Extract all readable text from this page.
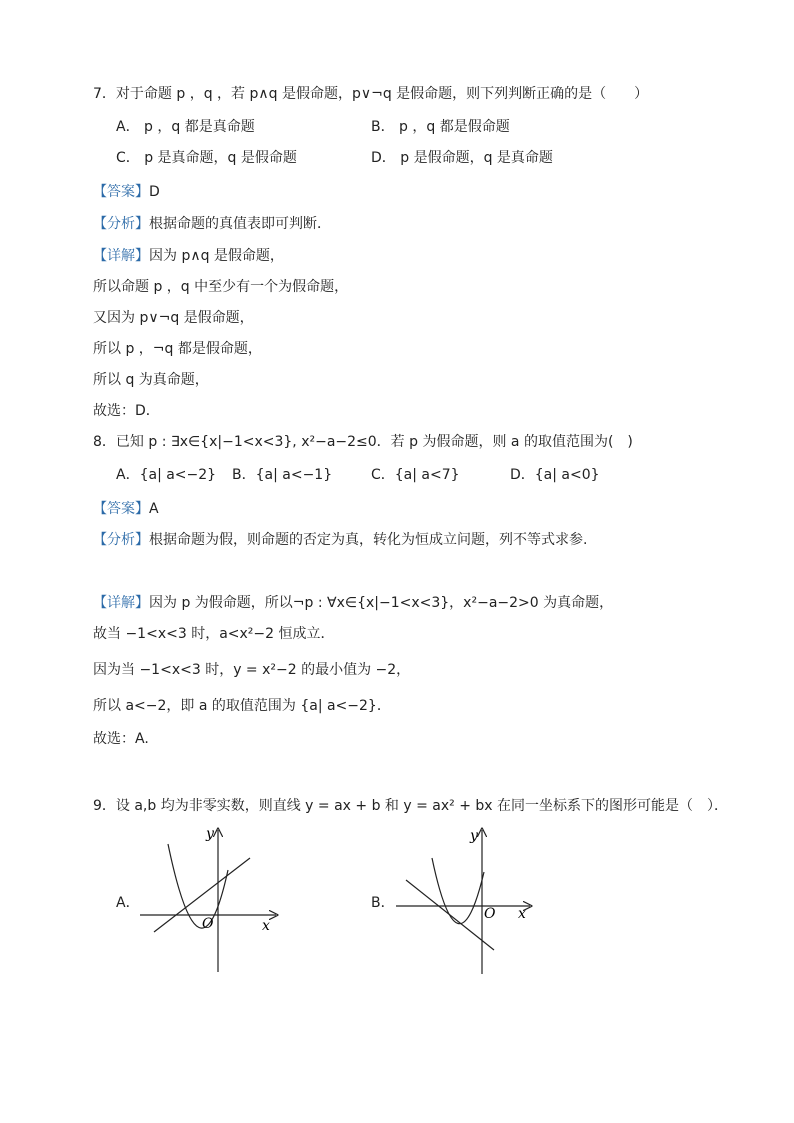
7．对于命题 p ，q ，若 p∧q 是假命题，p∨¬q 是假命题，则下列判断正确的是（　　）
A． p ，q 都是真命题	B． p ，q 都是假命题
C． p 是真命题，q 是假命题	D． p 是假命题，q 是真命题
【答案】D
【分析】根据命题的真值表即可判断．
【详解】因为 p∧q 是假命题，
所以命题 p ，q 中至少有一个为假命题，
又因为 p∨¬q 是假命题，
所以 p ，¬q 都是假命题，
所以 q 为真命题，
故选：D．
8．已知 p : ∃x∈{x|−1<x<3}, x²−a−2≤0．若 p 为假命题，则 a 的取值范围为(　)
A．{a| a<−2} B．{a| a<−1}	C．{a| a<7}	D．{a| a<0}
【答案】A
【分析】根据命题为假，则命题的否定为真，转化为恒成立问题，列不等式求参.
【详解】因为 p 为假命题，所以¬p : ∀x∈{x|−1<x<3}，x²−a−2>0 为真命题，
故当 −1<x<3 时，a<x²−2 恒成立．
因为当 −1<x<3 时，y = x²−2 的最小值为 −2，
所以 a<−2，即 a 的取值范围为 {a| a<−2}．
故选：A.
9．设 a,b 均为非零实数，则直线 y = ax + b 和 y = ax² + bx 在同一坐标系下的图形可能是（　）．
A．	B．
O	x
y
O x
y
